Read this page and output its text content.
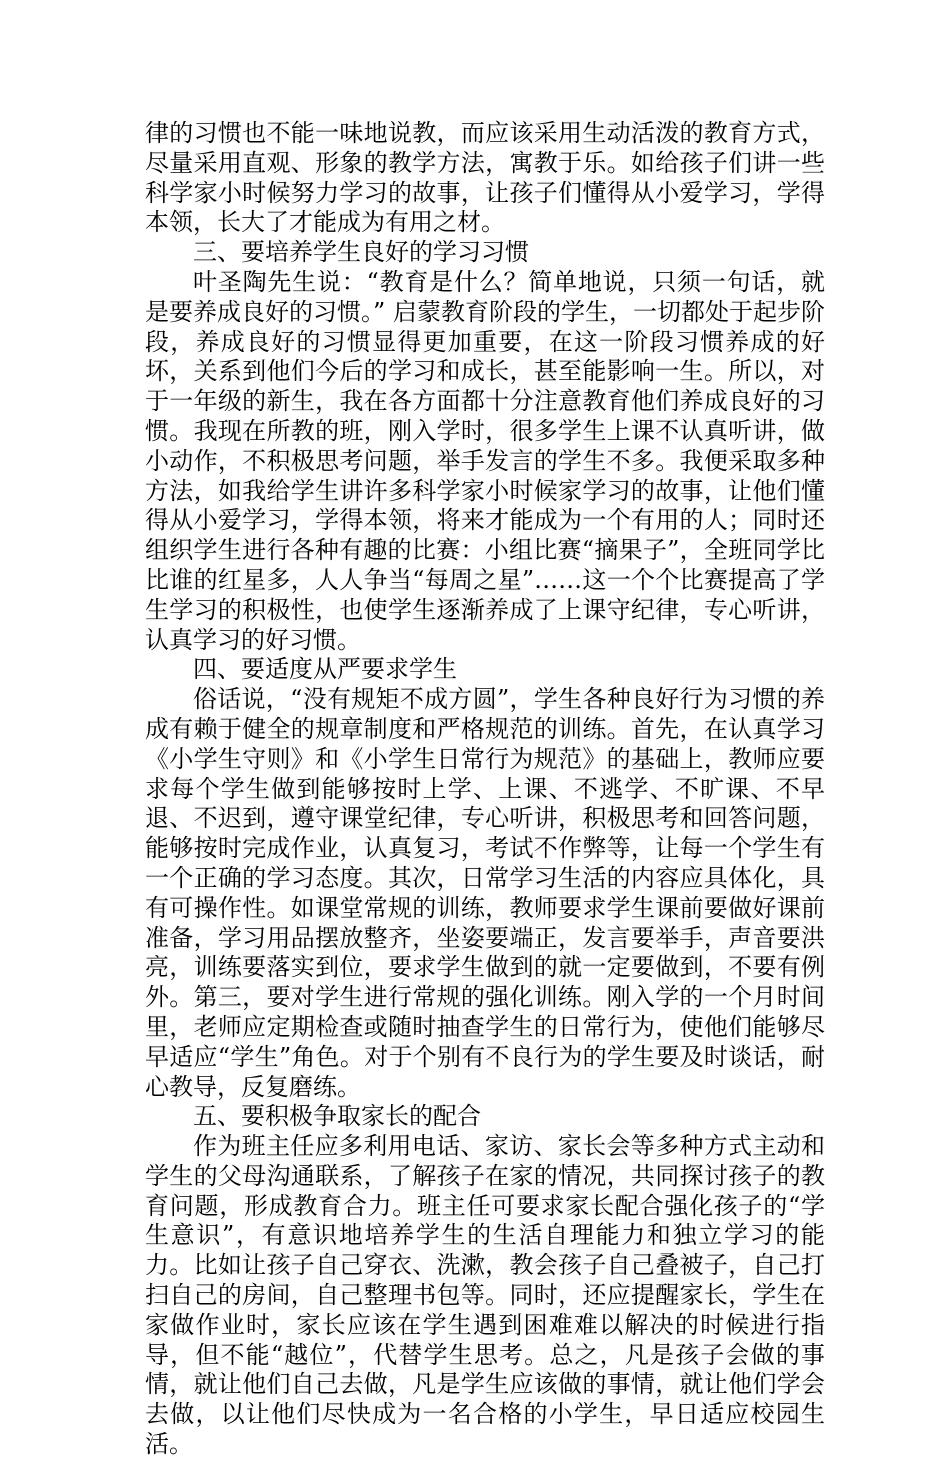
律的习惯也不能一味地说教，而应该采用生动活泼的教育方式，尽量采用直观、形象的教学方法，寓教于乐。如给孩子们讲一些科学家小时候努力学习的故事，让孩子们懂得从小爱学习，学得本领，长大了才能成为有用之材。

三、要培养学生良好的学习习惯

叶圣陶先生说：“教育是什么？简单地说，只须一句话，就是要养成良好的习惯。” 启蒙教育阶段的学生，一切都处于起步阶段，养成良好的习惯显得更加重要，在这一阶段习惯养成的好坏，关系到他们今后的学习和成长，甚至能影响一生。所以，对于一年级的新生，我在各方面都十分注意教育他们养成良好的习惯。我现在所教的班，刚入学时，很多学生上课不认真听讲，做小动作，不积极思考问题，举手发言的学生不多。我便采取多种方法，如我给学生讲许多科学家小时候家学习的故事，让他们懂得从小爱学习，学得本领，将来才能成为一个有用的人；同时还组织学生进行各种有趣的比赛：小组比赛“摘果子”，全班同学比比谁的红星多，人人争当“每周之星”……这一个个比赛提高了学生学习的积极性，也使学生逐渐养成了上课守纪律，专心听讲，认真学习的好习惯。

四、要适度从严要求学生

俗话说，“没有规矩不成方圆”，学生各种良好行为习惯的养成有赖于健全的规章制度和严格规范的训练。首先，在认真学习《小学生守则》和《小学生日常行为规范》的基础上，教师应要求每个学生做到能够按时上学、上课、不逃学、不旷课、不早退、不迟到，遵守课堂纪律，专心听讲，积极思考和回答问题，能够按时完成作业，认真复习，考试不作弊等，让每一个学生有一个正确的学习态度。其次，日常学习生活的内容应具体化，具有可操作性。如课堂常规的训练，教师要求学生课前要做好课前准备，学习用品摆放整齐，坐姿要端正，发言要举手，声音要洪亮，训练要落实到位，要求学生做到的就一定要做到，不要有例外。第三，要对学生进行常规的强化训练。刚入学的一个月时间里，老师应定期检查或随时抽查学生的日常行为，使他们能够尽早适应“学生”角色。对于个别有不良行为的学生要及时谈话，耐心教导，反复磨练。

五、要积极争取家长的配合

作为班主任应多利用电话、家访、家长会等多种方式主动和学生的父母沟通联系，了解孩子在家的情况，共同探讨孩子的教育问题，形成教育合力。班主任可要求家长配合强化孩子的“学生意识”，有意识地培养学生的生活自理能力和独立学习的能力。比如让孩子自己穿衣、洗漱，教会孩子自己叠被子，自己打扫自己的房间，自己整理书包等。同时，还应提醒家长，学生在家做作业时，家长应该在学生遇到困难难以解决的时候进行指导，但不能“越位”，代替学生思考。总之，凡是孩子会做的事情，就让他们自己去做，凡是学生应该做的事情，就让他们学会去做，以让他们尽快成为一名合格的小学生，早日适应校园生活。
